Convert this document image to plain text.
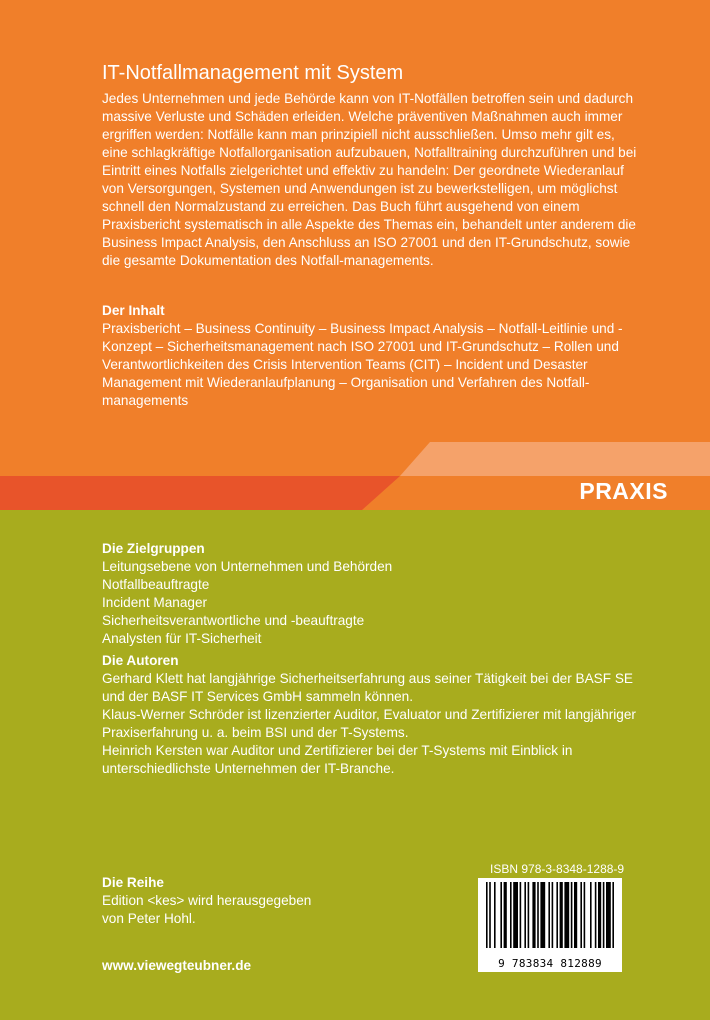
PRAXIS
IT-Notfallmanagement mit System

Jedes Unternehmen und jede Behörde kann von IT-Notfällen betroffen sein und dadurch massive Verluste und Schäden erleiden. Welche präventiven Maßnahmen auch immer ergriffen werden: Notfälle kann man prinzipiell nicht ausschließen. Umso mehr gilt es, eine schlagkräftige Notfallorganisation aufzubauen, Notfalltraining durchzuführen und bei Eintritt eines Notfalls zielgerichtet und effektiv zu handeln: Der geordnete Wiederanlauf von Versorgungen, Systemen und Anwendungen ist zu bewerkstelligen, um möglichst schnell den Normalzustand zu erreichen. Das Buch führt ausgehend von einem Praxisbericht systematisch in alle Aspekte des Themas ein, behandelt unter anderem die Business Impact Analysis, den Anschluss an ISO 27001 und den IT-Grundschutz, sowie die gesamte Dokumentation des Notfall-managements.

Der Inhalt

Praxisbericht – Business Continuity – Business Impact Analysis – Notfall-Leitlinie und -Konzept – Sicherheitsmanagement nach ISO 27001 und IT-Grundschutz – Rollen und Verantwortlichkeiten des Crisis Intervention Teams (CIT) – Incident und Desaster Management mit Wiederanlaufplanung – Organisation und Verfahren des Notfall-managements

Die Zielgruppen
Leitungsebene von Unternehmen und Behörden
Notfallbeauftragte
Incident Manager
Sicherheitsverantwortliche und -beauftragte
Analysten für IT-Sicherheit
Die Autoren

Gerhard Klett hat langjährige Sicherheitserfahrung aus seiner Tätigkeit bei der BASF SE und der BASF IT Services GmbH sammeln können.

Klaus-Werner Schröder ist lizenzierter Auditor, Evaluator und Zertifizierer mit langjähriger Praxiserfahrung u. a. beim BSI und der T-Systems.

Heinrich Kersten war Auditor und Zertifizierer bei der T-Systems mit Einblick in unterschiedlichste Unternehmen der IT-Branche.

Die Reihe
Edition <kes> wird herausgegeben
von Peter Hohl.
www.viewegteubner.de
ISBN 978-3-8348-1288-9
9 783834 812889
